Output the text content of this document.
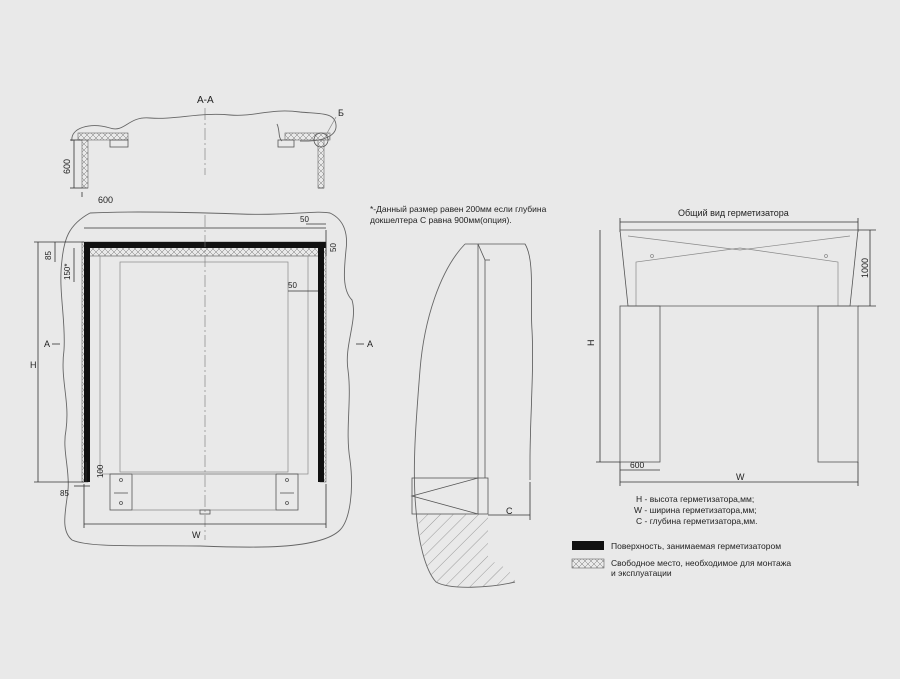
А-А
Б
600
600
H
85
150*
50
50
50
100
85
W
А	А
*-Данный размер равен 200мм если глубина
докшелтера С равна 900мм(опция).
C
Общий вид герметизатора
1000
H
600
W
H - высота герметизатора,мм;
W - ширина герметизатора,мм;
C - глубина герметизатора,мм.
Поверхность, занимаемая герметизатором
Свободное место, необходимое для монтажа
и эксплуатации
